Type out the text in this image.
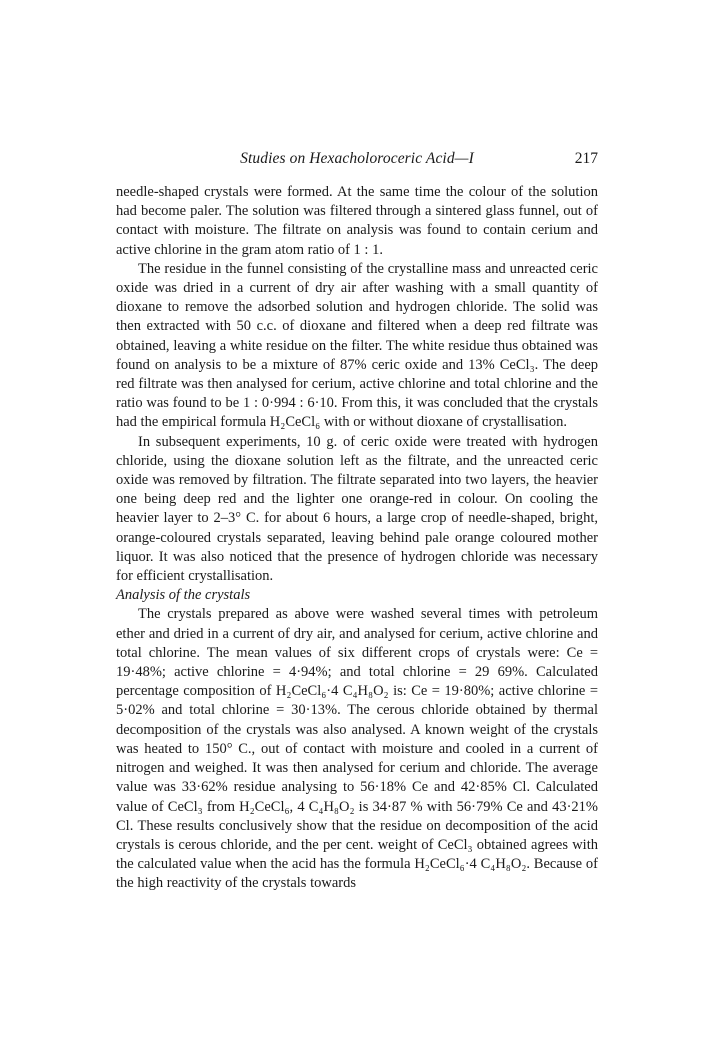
Studies on Hexacholoroceric Acid—I	217

needle-shaped crystals were formed. At the same time the colour of the solution had become paler. The solution was filtered through a sintered glass funnel, out of contact with moisture. The filtrate on analysis was found to contain cerium and active chlorine in the gram atom ratio of 1 : 1.

The residue in the funnel consisting of the crystalline mass and unreacted ceric oxide was dried in a current of dry air after washing with a small quantity of dioxane to remove the adsorbed solution and hydrogen chloride. The solid was then extracted with 50 c.c. of dioxane and filtered when a deep red filtrate was obtained, leaving a white residue on the filter. The white residue thus obtained was found on analysis to be a mixture of 87% ceric oxide and 13% CeCl₃. The deep red filtrate was then analysed for cerium, active chlorine and total chlorine and the ratio was found to be 1 : 0·994 : 6·10. From this, it was concluded that the crystals had the empirical formula H₂CeCl₆ with or without dioxane of crystallisation.

In subsequent experiments, 10 g. of ceric oxide were treated with hydrogen chloride, using the dioxane solution left as the filtrate, and the unreacted ceric oxide was removed by filtration. The filtrate separated into two layers, the heavier one being deep red and the lighter one orange-red in colour. On cooling the heavier layer to 2–3° C. for about 6 hours, a large crop of needle-shaped, bright, orange-coloured crystals separated, leaving behind pale orange coloured mother liquor. It was also noticed that the presence of hydrogen chloride was necessary for efficient crystallisation.

Analysis of the crystals

The crystals prepared as above were washed several times with petroleum ether and dried in a current of dry air, and analysed for cerium, active chlorine and total chlorine. The mean values of six different crops of crystals were: Ce = 19·48%; active chlorine = 4·94%; and total chlorine = 29 69%. Calculated percentage composition of H₂CeCl₆·4 C₄H₈O₂ is: Ce = 19·80%; active chlorine = 5·02% and total chlorine = 30·13%. The cerous chloride obtained by thermal decomposition of the crystals was also analysed. A known weight of the crystals was heated to 150° C., out of contact with moisture and cooled in a current of nitrogen and weighed. It was then analysed for cerium and chloride. The average value was 33·62% residue analysing to 56·18% Ce and 42·85% Cl. Calculated value of CeCl₃ from H₂CeCl₆, 4 C₄H₈O₂ is 34·87 % with 56·79% Ce and 43·21% Cl. These results conclusively show that the residue on decomposition of the acid crystals is cerous chloride, and the per cent. weight of CeCl₃ obtained agrees with the calculated value when the acid has the formula H₂CeCl₆·4 C₄H₈O₂. Because of the high reactivity of the crystals towards
